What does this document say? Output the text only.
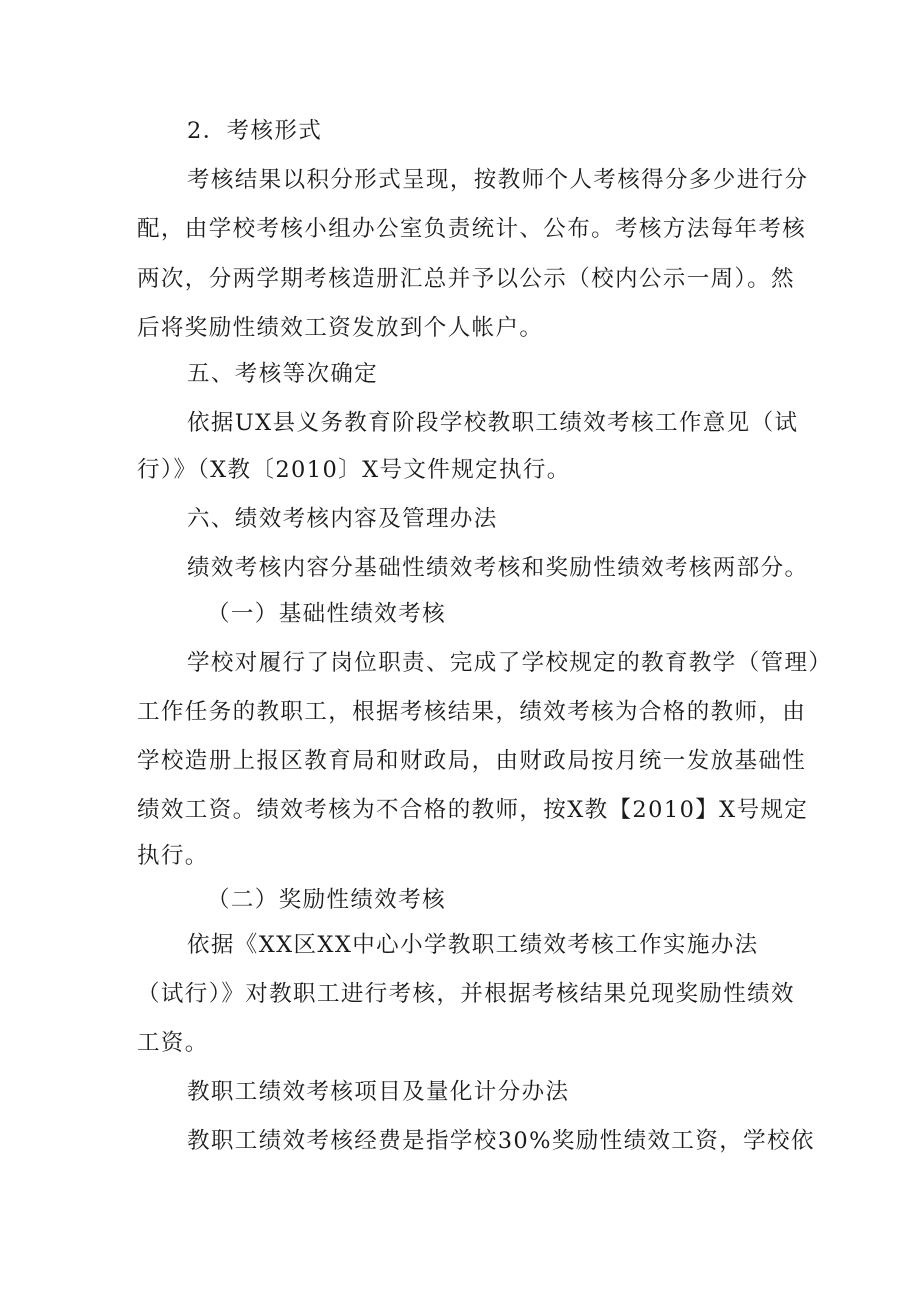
2．考核形式
考核结果以积分形式呈现，按教师个人考核得分多少进行分
配，由学校考核小组办公室负责统计、公布。考核方法每年考核
两次，分两学期考核造册汇总并予以公示（校内公示一周）。然
后将奖励性绩效工资发放到个人帐户。
五、考核等次确定
依据UX县义务教育阶段学校教职工绩效考核工作意见（试
行）》（X教〔2010〕X号文件规定执行。
六、绩效考核内容及管理办法
绩效考核内容分基础性绩效考核和奖励性绩效考核两部分。
（一）基础性绩效考核
学校对履行了岗位职责、完成了学校规定的教育教学（管理）
工作任务的教职工，根据考核结果，绩效考核为合格的教师，由
学校造册上报区教育局和财政局，由财政局按月统一发放基础性
绩效工资。绩效考核为不合格的教师，按X教【2010】X号规定
执行。
（二）奖励性绩效考核
依据《XX区XX中心小学教职工绩效考核工作实施办法
（试行）》对教职工进行考核，并根据考核结果兑现奖励性绩效
工资。
教职工绩效考核项目及量化计分办法
教职工绩效考核经费是指学校30%奖励性绩效工资，学校依
